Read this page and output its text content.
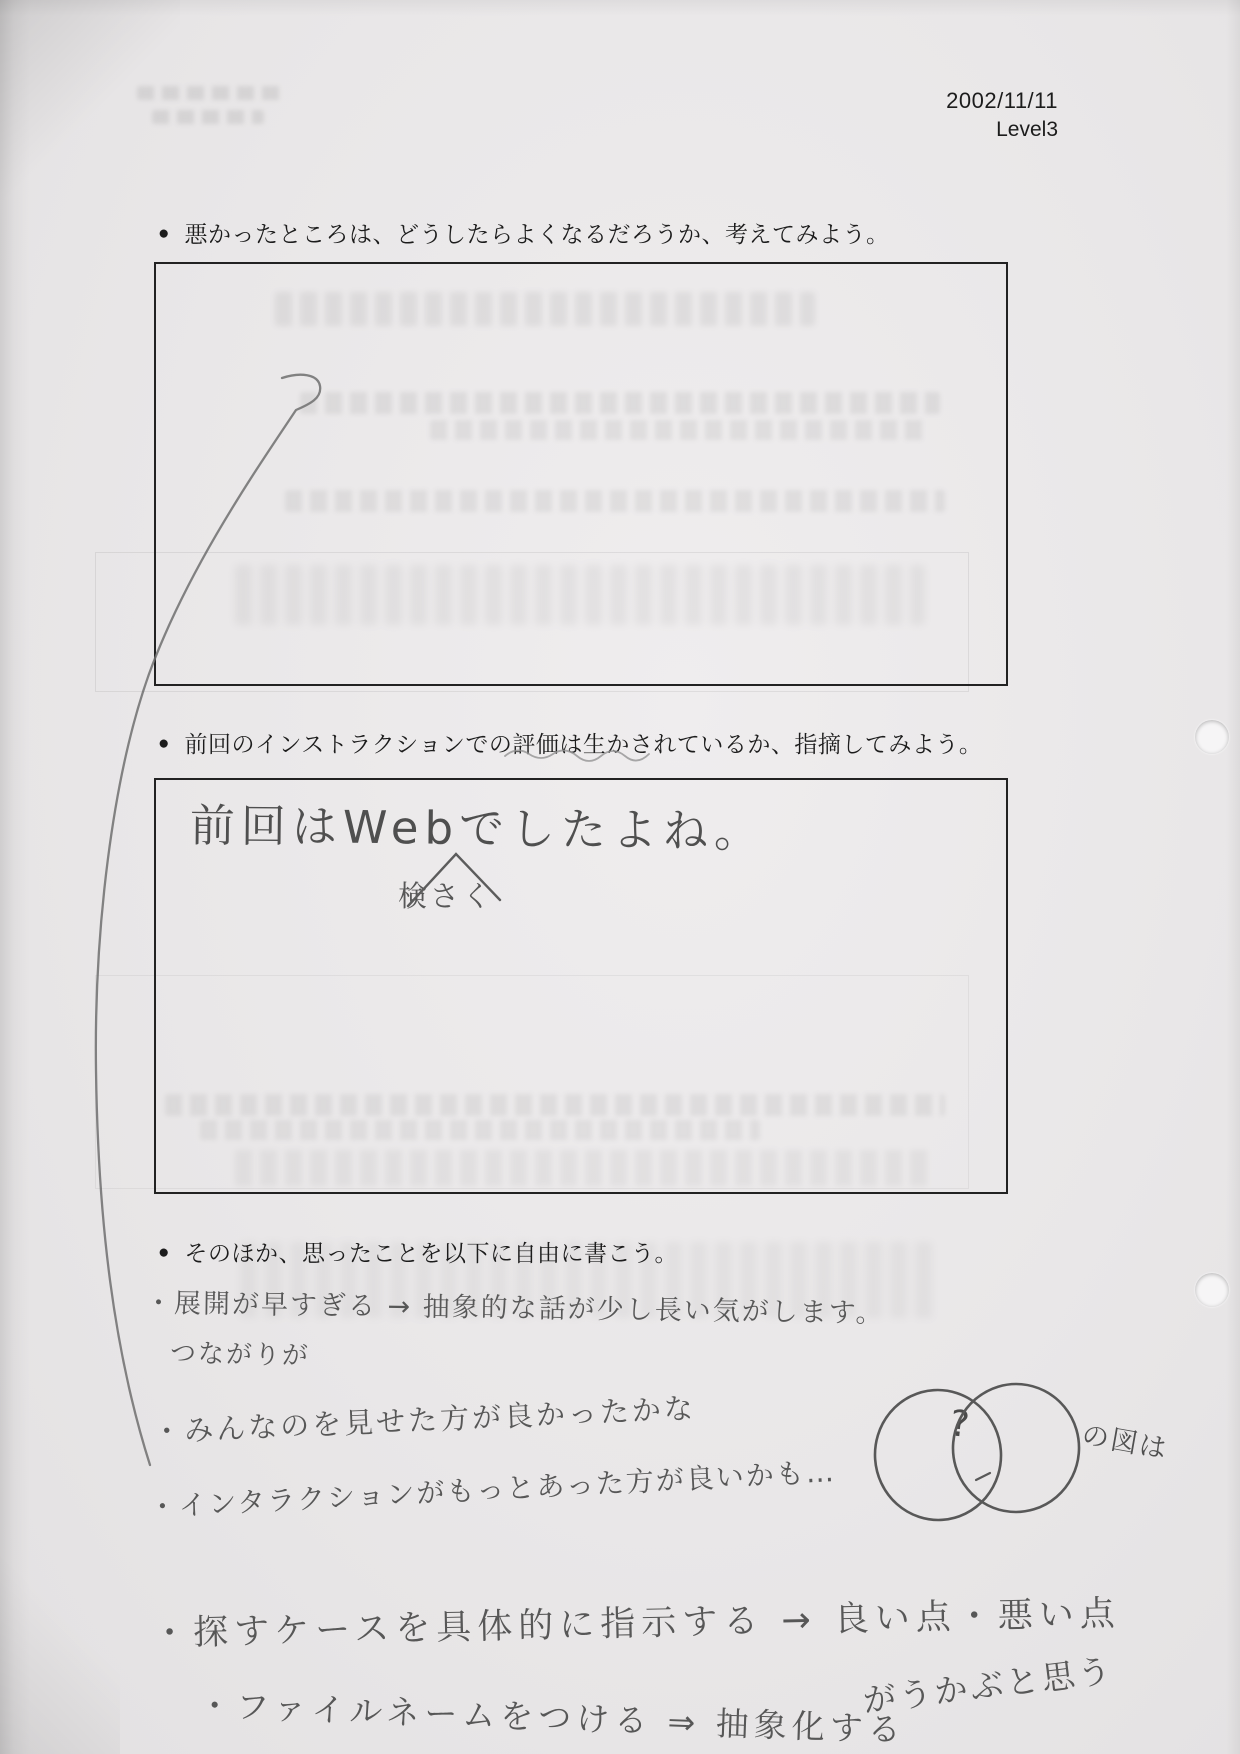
2002/11/11
Level3
● 悪かったところは、どうしたらよくなるだろうか、考えてみよう。
● 前回のインストラクションでの評価は生かされているか、指摘してみよう。
前回はWebでしたよね。
検さく
● そのほか、思ったことを以下に自由に書こう。
・展開が早すぎる → 抽象的な話が少し長い気がします。
つながりが
・みんなのを見せた方が良かったかな
・インタラクションがもっとあった方が良いかも…
・探すケースを具体的に指示する → 良い点・悪い点
がうかぶと思う
・ファイルネームをつける ⇒ 抽象化する
?	の図は
